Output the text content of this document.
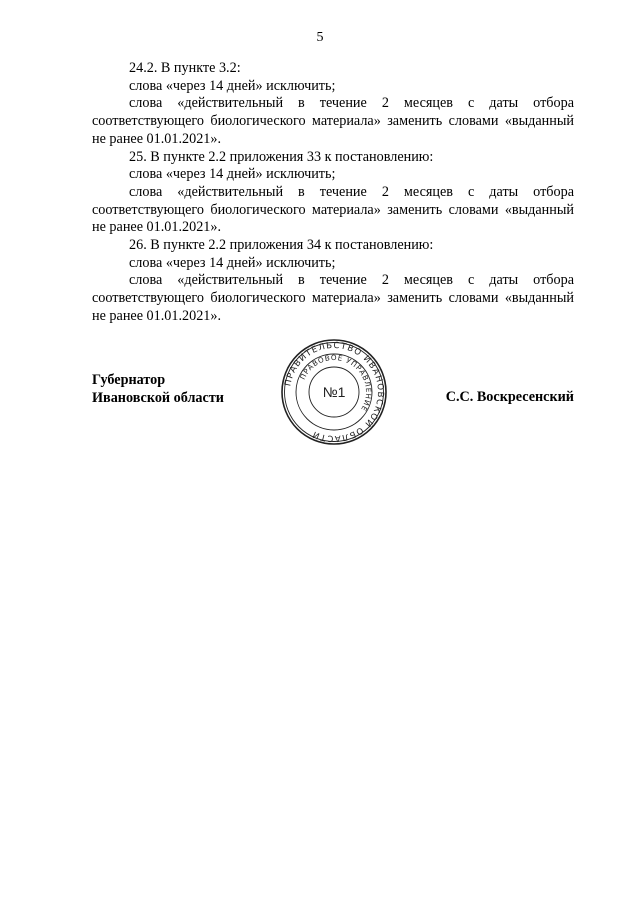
5

24.2. В пункте 3.2:

слова «через 14 дней» исключить;

слова «действительный в течение 2 месяцев с даты отбора соответствующего биологического материала» заменить словами «выданный не ранее 01.01.2021».

25. В пункте 2.2 приложения 33 к постановлению:

слова «через 14 дней» исключить;

слова «действительный в течение 2 месяцев с даты отбора соответствующего биологического материала» заменить словами «выданный не ранее 01.01.2021».

26. В пункте 2.2 приложения 34 к постановлению:

слова «через 14 дней» исключить;

слова «действительный в течение 2 месяцев с даты отбора соответствующего биологического материала» заменить словами «выданный не ранее 01.01.2021».

Губернатор
Ивановской области
ПРАВИТЕЛЬСТВО ИВАНОВСКОЙ ОБЛАСТИ
ПРАВОВОЕ УПРАВЛЕНИЕ
№1	С.С. Воскресенский
